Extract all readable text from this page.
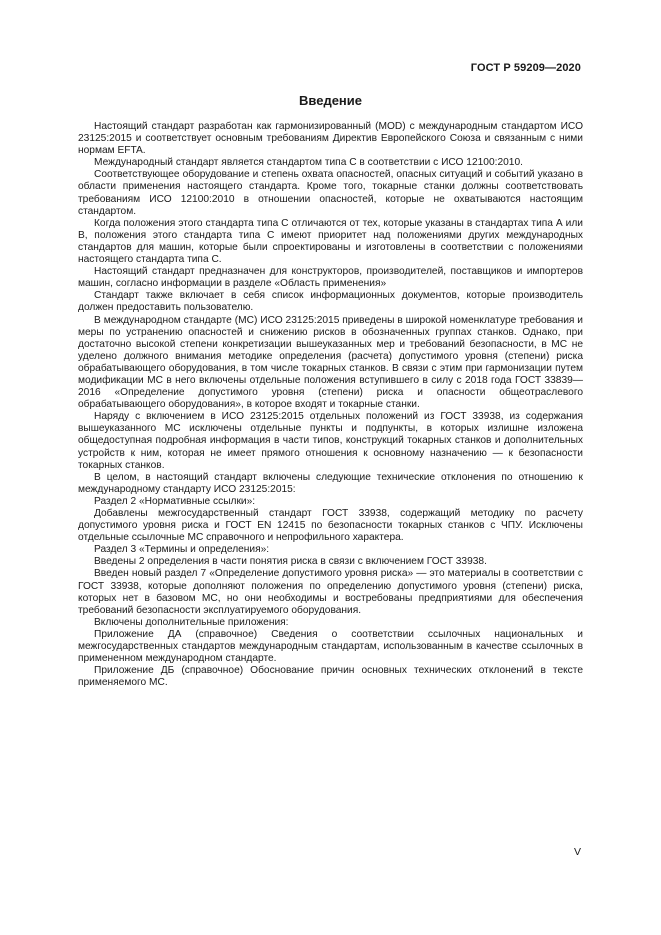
ГОСТ Р 59209—2020
Введение

Настоящий стандарт разработан как гармонизированный (MOD) с международным стандартом ИСО 23125:2015 и соответствует основным требованиям Директив Европейского Союза и связанным с ними нормам EFTA.

Международный стандарт является стандартом типа С в соответствии с ИСО 12100:2010.

Соответствующее оборудование и степень охвата опасностей, опасных ситуаций и событий указано в области применения настоящего стандарта. Кроме того, токарные станки должны соответствовать требованиям ИСО 12100:2010 в отношении опасностей, которые не охватываются настоящим стандартом.

Когда положения этого стандарта типа С отличаются от тех, которые указаны в стандартах типа А или В, положения этого стандарта типа С имеют приоритет над положениями других международных стандартов для машин, которые были спроектированы и изготовлены в соответствии с положениями настоящего стандарта типа С.

Настоящий стандарт предназначен для конструкторов, производителей, поставщиков и импортеров машин, согласно информации в разделе «Область применения»

Стандарт также включает в себя список информационных документов, которые производитель должен предоставить пользователю.

В международном стандарте (МС) ИСО 23125:2015 приведены в широкой номенклатуре требования и меры по устранению опасностей и снижению рисков в обозначенных группах станков. Однако, при достаточно высокой степени конкретизации вышеуказанных мер и требований безопасности, в МС не уделено должного внимания методике определения (расчета) допустимого уровня (степени) риска обрабатывающего оборудования, в том числе токарных станков. В связи с этим при гармонизации путем модификации МС в него включены отдельные положения вступившего в силу с 2018 года ГОСТ 33839—2016 «Определение допустимого уровня (степени) риска и опасности общеотраслевого обрабатывающего оборудования», в которое входят и токарные станки.

Наряду с включением в ИСО 23125:2015 отдельных положений из ГОСТ 33938, из содержания вышеуказанного МС исключены отдельные пункты и подпункты, в которых излишне изложена общедоступная подробная информация в части типов, конструкций токарных станков и дополнительных устройств к ним, которая не имеет прямого отношения к основному назначению — к безопасности токарных станков.

В целом, в настоящий стандарт включены следующие технические отклонения по отношению к международному стандарту ИСО 23125:2015:

Раздел 2 «Нормативные ссылки»:

Добавлены межгосударственный стандарт ГОСТ 33938, содержащий методику по расчету допустимого уровня риска и ГОСТ EN 12415 по безопасности токарных станков с ЧПУ. Исключены отдельные ссылочные МС справочного и непрофильного характера.

Раздел 3 «Термины и определения»:

Введены 2 определения в части понятия риска в связи с включением ГОСТ 33938.

Введен новый раздел 7 «Определение допустимого уровня риска» — это материалы в соответствии с ГОСТ 33938, которые дополняют положения по определению допустимого уровня (степени) риска, которых нет в базовом МС, но они необходимы и востребованы предприятиями для обеспечения требований безопасности эксплуатируемого оборудования.

Включены дополнительные приложения:

Приложение ДА (справочное) Сведения о соответствии ссылочных национальных и межгосударственных стандартов международным стандартам, использованным в качестве ссылочных в примененном международном стандарте.

Приложение ДБ (справочное) Обоснование причин основных технических отклонений в тексте применяемого МС.

V
